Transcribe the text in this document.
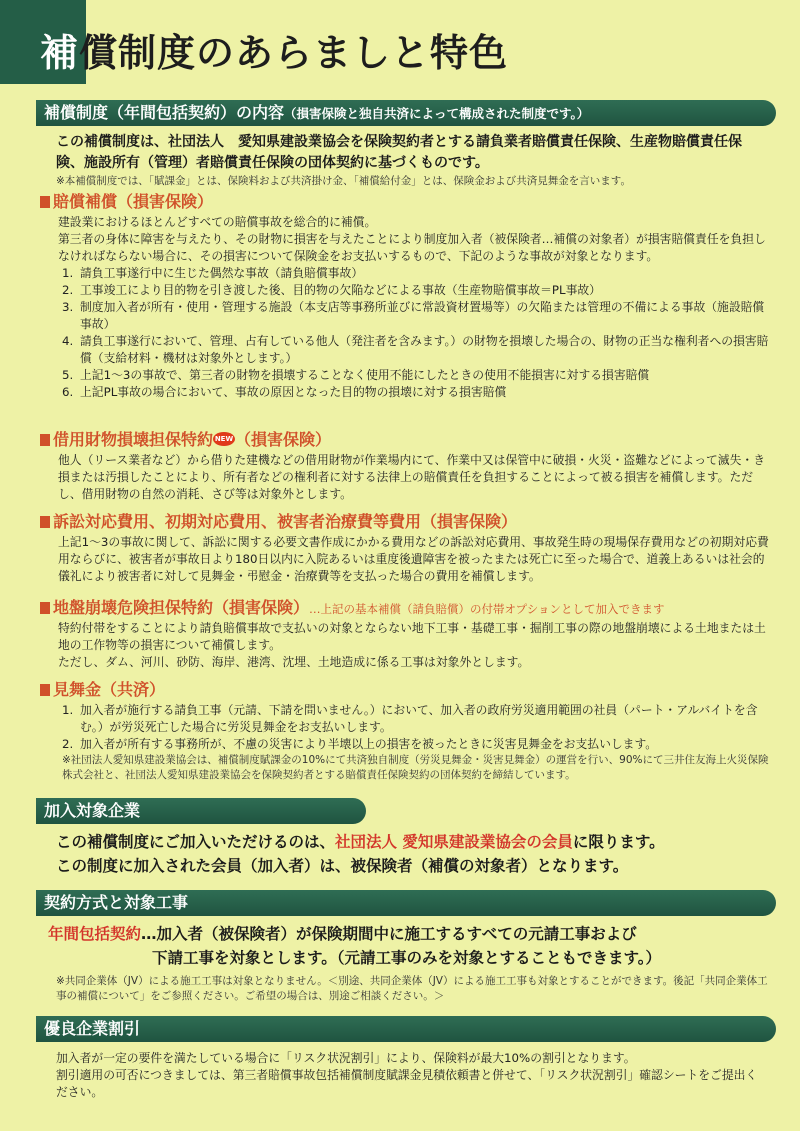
補償制度のあらましと特色
補償制度（年間包括契約）の内容（損害保険と独自共済によって構成された制度です。）
この補償制度は、社団法人　愛知県建設業協会を保険契約者とする請負業者賠償責任保険、生産物賠償責任保険、施設所有（管理）者賠償責任保険の団体契約に基づくものです。
※本補償制度では、「賦課金」とは、保険料および共済掛け金、「補償給付金」とは、保険金および共済見舞金を言います。
賠償補償（損害保険）

建設業におけるほとんどすべての賠償事故を総合的に補償。

第三者の身体に障害を与えたり、その財物に損害を与えたことにより制度加入者（被保険者…補償の対象者）が損害賠償責任を負担しなければならない場合に、その損害について保険金をお支払いするもので、下記のような事故が対象となります。

1. 請負工事遂行中に生じた偶然な事故（請負賠償事故）
2. 工事竣工により目的物を引き渡した後、目的物の欠陥などによる事故（生産物賠償事故＝PL事故）
3. 制度加入者が所有・使用・管理する施設（本支店等事務所並びに常設資材置場等）の欠陥または管理の不備による事故（施設賠償事故）
4. 請負工事遂行において、管理、占有している他人（発注者を含みます。）の財物を損壊した場合の、財物の正当な権利者への損害賠償（支給材料・機材は対象外とします。）
5. 上記1～3の事故で、第三者の財物を損壊することなく使用不能にしたときの使用不能損害に対する損害賠償
6. 上記PL事故の場合において、事故の原因となった目的物の損壊に対する損害賠償
借用財物損壊担保特約 NEW （損害保険）

他人（リース業者など）から借りた建機などの借用財物が作業場内にて、作業中又は保管中に破損・火災・盗難などによって滅失・き損または汚損したことにより、所有者などの権利者に対する法律上の賠償責任を負担することによって被る損害を補償します。ただし、借用財物の自然の消耗、さび等は対象外とします。

訴訟対応費用、初期対応費用、被害者治療費等費用（損害保険）

上記1～3の事故に関して、訴訟に関する必要文書作成にかかる費用などの訴訟対応費用、事故発生時の現場保存費用などの初期対応費用ならびに、被害者が事故日より180日以内に入院あるいは重度後遺障害を被ったまたは死亡に至った場合で、道義上あるいは社会的儀礼により被害者に対して見舞金・弔慰金・治療費等を支払った場合の費用を補償します。

地盤崩壊危険担保特約（損害保険）…上記の基本補償（請負賠償）の付帯オプションとして加入できます

特約付帯をすることにより請負賠償事故で支払いの対象とならない地下工事・基礎工事・掘削工事の際の地盤崩壊による土地または土地の工作物等の損害について補償します。

ただし、ダム、河川、砂防、海岸、港湾、沈埋、土地造成に係る工事は対象外とします。

見舞金（共済）
1. 加入者が施行する請負工事（元請、下請を問いません。）において、加入者の政府労災適用範囲の社員（パート・アルバイトを含む。）が労災死亡した場合に労災見舞金をお支払いします。
2. 加入者が所有する事務所が、不慮の災害により半壊以上の損害を被ったときに災害見舞金をお支払いします。
※社団法人愛知県建設業協会は、補償制度賦課金の10%にて共済独自制度（労災見舞金・災害見舞金）の運営を行い、90%にて三井住友海上火災保険株式会社と、社団法人愛知県建設業協会を保険契約者とする賠償責任保険契約の団体契約を締結しています。
加入対象企業
この補償制度にご加入いただけるのは、社団法人 愛知県建設業協会の会員に限ります。
この制度に加入された会員（加入者）は、被保険者（補償の対象者）となります。
契約方式と対象工事
年間包括契約…加入者（被保険者）が保険期間中に施工するすべての元請工事および
下請工事を対象とします。（元請工事のみを対象とすることもできます。）
※共同企業体（JV）による施工工事は対象となりません。＜別途、共同企業体（JV）による施工工事も対象とすることができます。後記「共同企業体工事の補償について」をご参照ください。ご希望の場合は、別途ご相談ください。＞
優良企業割引

加入者が一定の要件を満たしている場合に「リスク状況割引」により、保険料が最大10%の割引となります。

割引適用の可否につきましては、第三者賠償事故包括補償制度賦課金見積依頼書と併せて、「リスク状況割引」確認シートをご提出ください。
